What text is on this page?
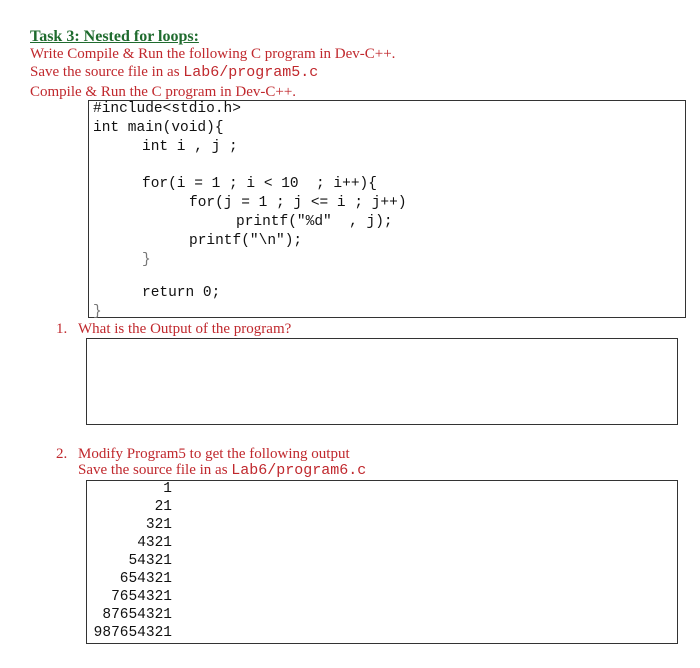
Task 3: Nested for loops:
Write Compile & Run the following C program in Dev-C++.
Save the source file in as Lab6/program5.c
Compile & Run the C program in Dev-C++.
#include<stdio.h>
int main(void){
int i , j ;
for(i = 1 ; i < 10  ; i++){
for(j = 1 ; j <= i ; j++)
printf("%d"  , j);
printf("\n");
}
return 0;
}
1. What is the Output of the program?
2. Modify Program5 to get the following output
Save the source file in as Lab6/program6.c
1
21
321
4321
54321
654321
7654321
87654321
987654321
